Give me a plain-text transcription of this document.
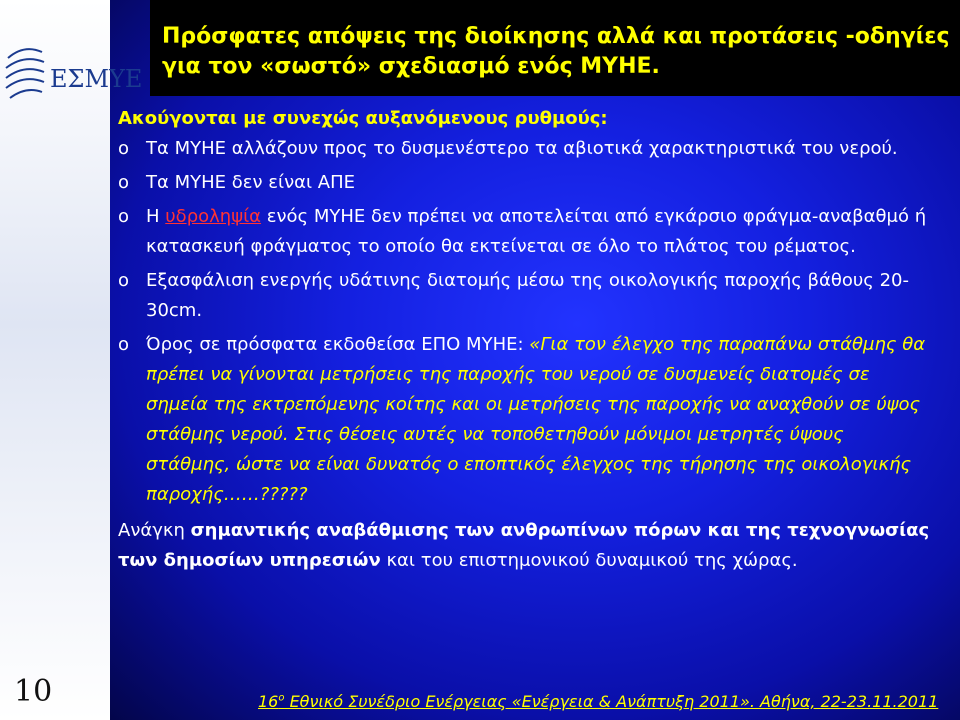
ΕΣΜΥΕ
Πρόσφατες απόψεις της διοίκησης αλλά και προτάσεις -οδηγίες
για τον «σωστό» σχεδιασμό ενός ΜΥΗΕ.

Ακούγονται με συνεχώς αυξανόμενους ρυθμούς:

o Τα ΜΥΗΕ αλλάζουν προς το δυσμενέστερο τα αβιοτικά χαρακτηριστικά του νερού.
o Τα ΜΥΗΕ δεν είναι ΑΠΕ
o Η υδροληψία ενός ΜΥΗΕ δεν πρέπει να αποτελείται από εγκάρσιο φράγμα-αναβαθμό ή κατασκευή φράγματος το οποίο θα εκτείνεται σε όλο το πλάτος του ρέματος.
o Εξασφάλιση ενεργής υδάτινης διατομής μέσω της οικολογικής παροχής βάθους 20-30cm.
o Όρος σε πρόσφατα εκδοθείσα ΕΠΟ ΜΥΗΕ: «Για τον έλεγχο της παραπάνω στάθμης θα πρέπει να γίνονται μετρήσεις της παροχής του νερού σε δυσμενείς διατομές σε σημεία της εκτρεπόμενης κοίτης και οι μετρήσεις της παροχής να αναχθούν σε ύψος στάθμης νερού. Στις θέσεις αυτές να τοποθετηθούν μόνιμοι μετρητές ύψους στάθμης, ώστε να είναι δυνατός ο εποπτικός έλεγχος της τήρησης της οικολογικής παροχής……?????
Ανάγκη σημαντικής αναβάθμισης των ανθρωπίνων πόρων και της τεχνογνωσίας των δημοσίων υπηρεσιών και του επιστημονικού δυναμικού της χώρας.
10	$16^o$ Εθνικό Συνέδριο Ενέργειας «Ενέργεια & Ανάπτυξη 2011». Αθήνα, 22-23.11.2011
